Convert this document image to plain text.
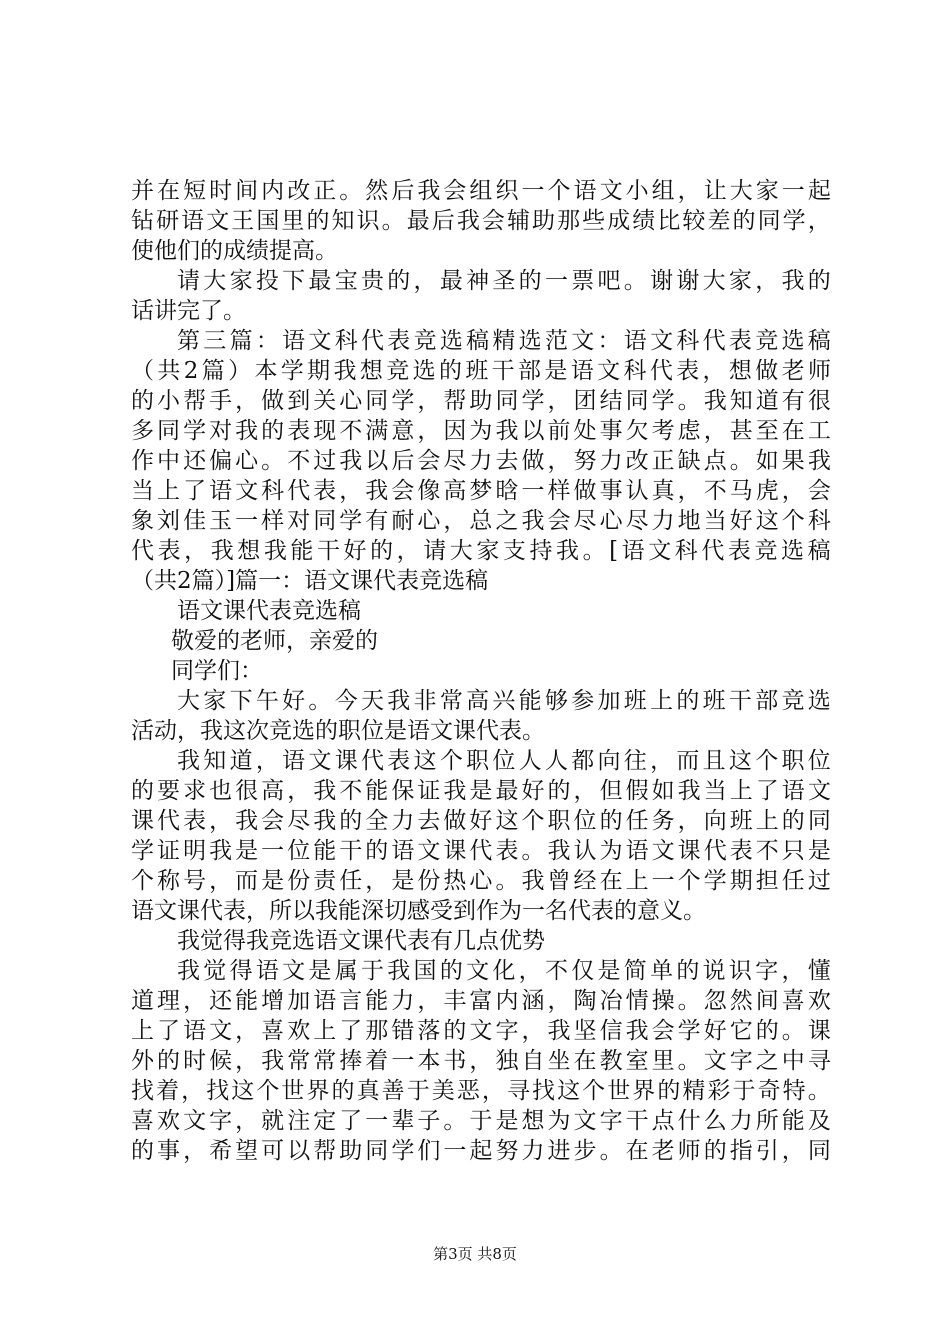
并 在 短 时 间 内 改 正 。 然 后 我 会 组 织 一 个 语 文 小 组 ， 让 大 家 一 起
钻 研 语 文 王 国 里 的 知 识 。 最 后 我 会 辅 助 那 些 成 绩 比 较 差 的 同 学 ，
使他们的成绩提高。
请 大 家 投 下 最 宝 贵 的 ， 最 神 圣 的 一 票 吧 。 谢 谢 大 家 ， 我 的
话讲完了。
第 三 篇 ： 语 文 科 代 表 竞 选 稿 精 选 范 文 ： 语 文 科 代 表 竞 选 稿
（ 共 2 篇 ） 本 学 期 我 想 竞 选 的 班 干 部 是 语 文 科 代 表 ， 想 做 老 师
的 小 帮 手 ， 做 到 关 心 同 学 ， 帮 助 同 学 ， 团 结 同 学 。 我 知 道 有 很
多 同 学 对 我 的 表 现 不 满 意 ， 因 为 我 以 前 处 事 欠 考 虑 ， 甚 至 在 工
作 中 还 偏 心 。 不 过 我 以 后 会 尽 力 去 做 ， 努 力 改 正 缺 点 。 如 果 我
当 上 了 语 文 科 代 表 ， 我 会 像 高 梦 晗 一 样 做 事 认 真 ， 不 马 虎 ， 会
象 刘 佳 玉 一 样 对 同 学 有 耐 心 ， 总 之 我 会 尽 心 尽 力 地 当 好 这 个 科
代 表 ， 我 想 我 能 干 好 的 ， 请 大 家 支 持 我 。 [ 语 文 科 代 表 竞 选 稿
（共2篇）]篇一：语文课代表竞选稿
语文课代表竞选稿
敬爱的老师，亲爱的
同学们：
大 家 下 午 好 。 今 天 我 非 常 高 兴 能 够 参 加 班 上 的 班 干 部 竞 选
活动，我这次竞选的职位是语文课代表。
我 知 道 ， 语 文 课 代 表 这 个 职 位 人 人 都 向 往 ， 而 且 这 个 职 位
的 要 求 也 很 高 ， 我 不 能 保 证 我 是 最 好 的 ， 但 假 如 我 当 上 了 语 文
课 代 表 ， 我 会 尽 我 的 全 力 去 做 好 这 个 职 位 的 任 务 ， 向 班 上 的 同
学 证 明 我 是 一 位 能 干 的 语 文 课 代 表 。 我 认 为 语 文 课 代 表 不 只 是
个 称 号 ， 而 是 份 责 任 ， 是 份 热 心 。 我 曾 经 在 上 一 个 学 期 担 任 过
语文课代表，所以我能深切感受到作为一名代表的意义。
我觉得我竞选语文课代表有几点优势
我 觉 得 语 文 是 属 于 我 国 的 文 化 ， 不 仅 是 简 单 的 说 识 字 ， 懂
道 理 ， 还 能 增 加 语 言 能 力 ， 丰 富 内 涵 ， 陶 冶 情 操 。 忽 然 间 喜 欢
上 了 语 文 ， 喜 欢 上 了 那 错 落 的 文 字 ， 我 坚 信 我 会 学 好 它 的 。 课
外 的 时 候 ， 我 常 常 捧 着 一 本 书 ， 独 自 坐 在 教 室 里 。 文 字 之 中 寻
找 着 ， 找 这 个 世 界 的 真 善 于 美 恶 ， 寻 找 这 个 世 界 的 精 彩 于 奇 特 。
喜 欢 文 字 ， 就 注 定 了 一 辈 子 。 于 是 想 为 文 字 干 点 什 么 力 所 能 及
的 事 ， 希 望 可 以 帮 助 同 学 们 一 起 努 力 进 步 。 在 老 师 的 指 引 ， 同
第3页 共8页
